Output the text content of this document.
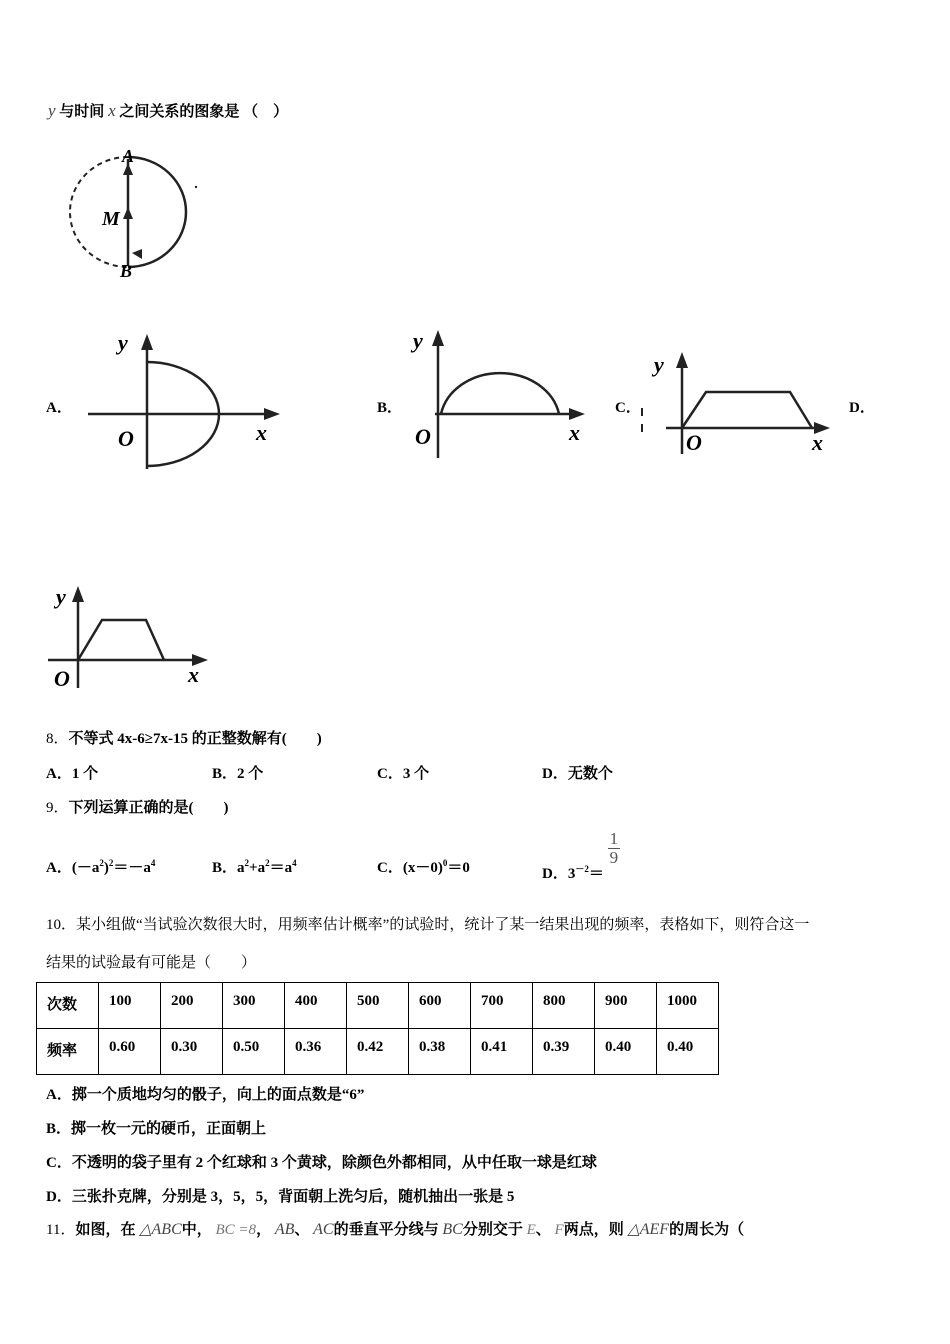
y 与时间 x 之间关系的图象是 （　）
A
M
B
A．	B．	C．	D．
y
x
O
y
x
O
y
x
O
y
x
O
8．不等式 4x-6≥7x-15 的正整数解有(　　)
A．1 个	B．2 个	C．3 个	D．无数个
9．下列运算正确的是(　　)
A．$(-a^2)^2=-a^4$	B．$a^2+a^2=a^4$	C．$(x-0)^0=0$	D．$3^{-2}=$
$\frac{1}{9}$
10．某小组做“当试验次数很大时，用频率估计概率”的试验时，统计了某一结果出现的频率，表格如下，则符合这一
结果的试验最有可能是（　　）
次数	100	200	300	400	500	600	700	800	900	1000
频率	0.60	0.30	0.50	0.36	0.42	0.38	0.41	0.39	0.40	0.40
A．掷一个质地均匀的骰子，向上的面点数是“6”
B．掷一枚一元的硬币，正面朝上
C．不透明的袋子里有 2 个红球和 3 个黄球，除颜色外都相同，从中任取一球是红球
D．三张扑克牌，分别是 3，5，5，背面朝上洗匀后，随机抽出一张是 5
11．如图，在 △ABC中， BC =8， AB、 AC的垂直平分线与 BC分别交于 E、 F两点，则 △AEF的周长为（
